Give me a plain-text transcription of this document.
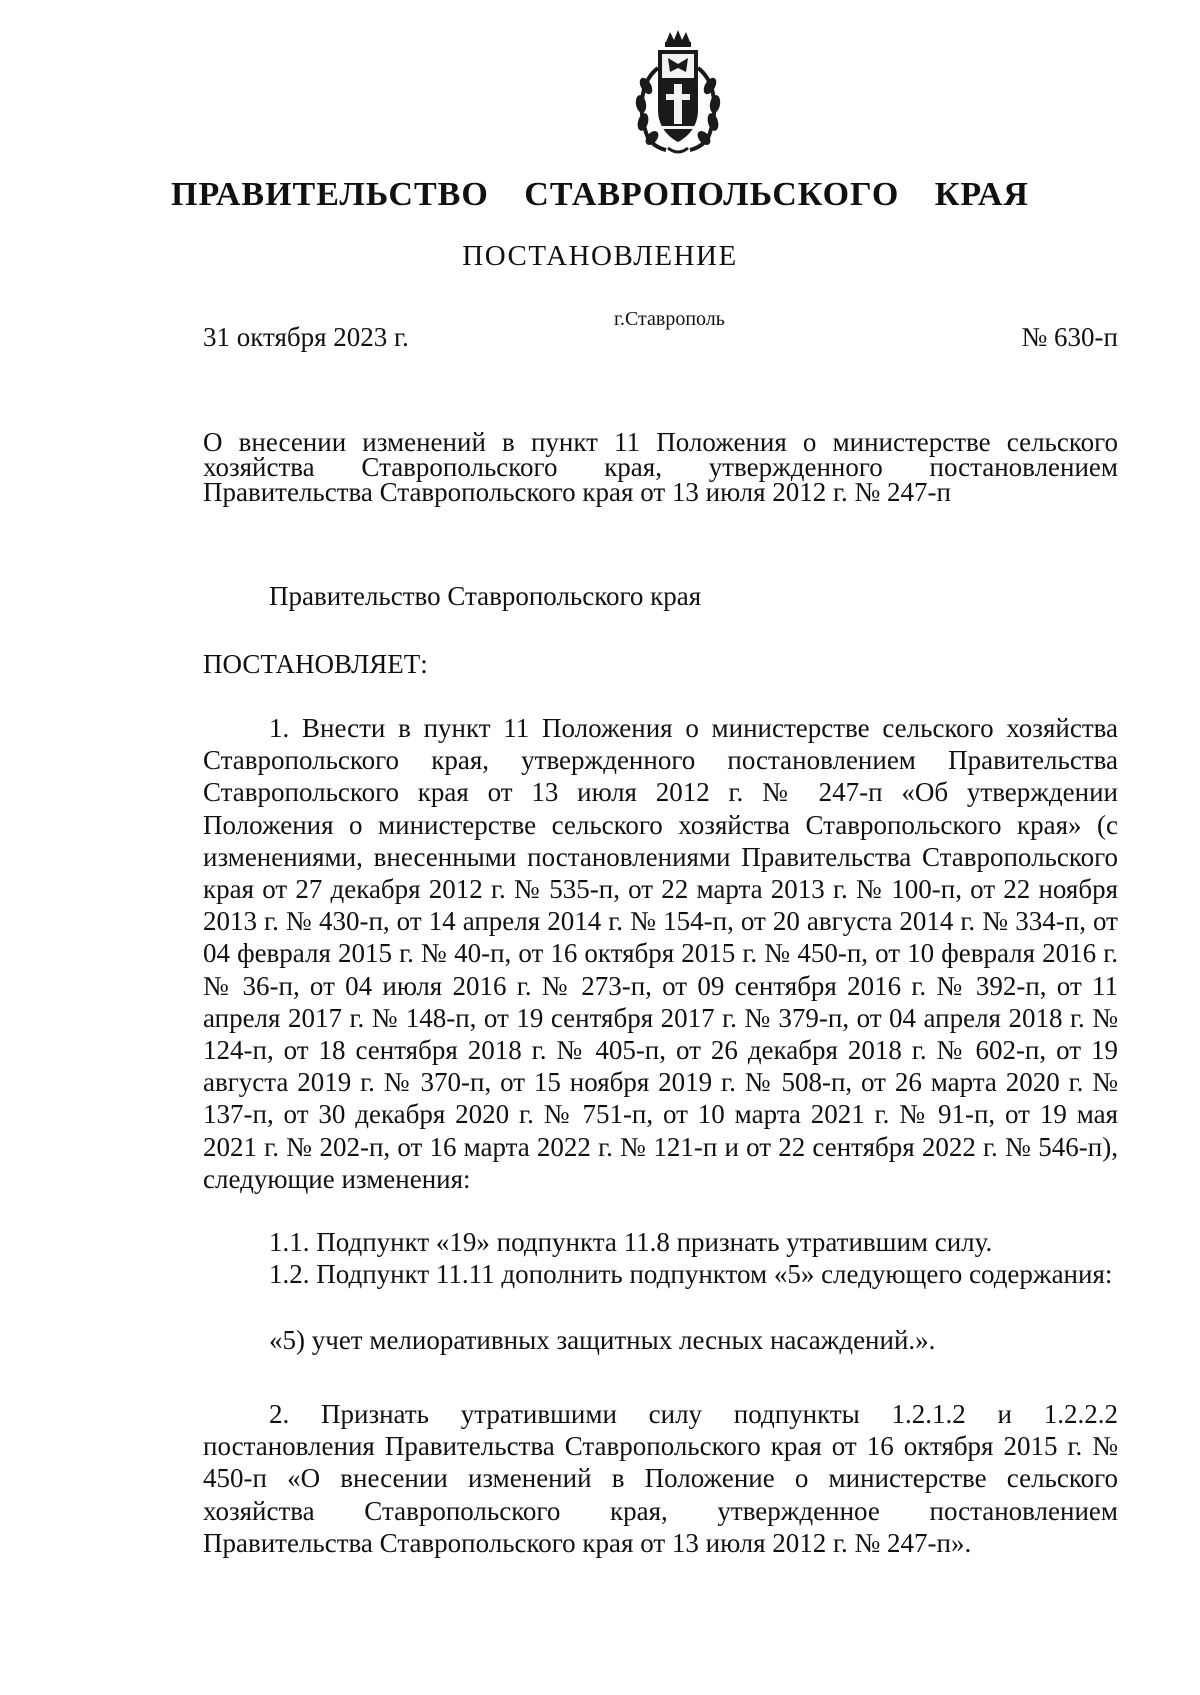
ПРАВИТЕЛЬСТВО СТАВРОПОЛЬСКОГО КРАЯ
ПОСТАНОВЛЕНИЕ
31 октября 2023 г.
г.Ставрополь
№ 630-п

О внесении изменений в пункт 11 Положения о министерстве сельского хозяйства Ставропольского края, утвержденного постановлением Правительства Ставропольского края от 13 июля 2012 г. № 247-п

Правительство Ставропольского края

ПОСТАНОВЛЯЕТ:

1. Внести в пункт 11 Положения о министерстве сельского хозяйства Ставропольского края, утвержденного постановлением Правительства Ставропольского края от 13 июля 2012 г. № 247-п «Об утверждении Положения о министерстве сельского хозяйства Ставропольского края» (с изменениями, внесенными постановлениями Правительства Ставропольского края от 27 декабря 2012 г. № 535-п, от 22 марта 2013 г. № 100-п, от 22 ноября 2013 г. № 430-п, от 14 апреля 2014 г. № 154-п, от 20 августа 2014 г. № 334-п, от 04 февраля 2015 г. № 40-п, от 16 октября 2015 г. № 450-п, от 10 февраля 2016 г. № 36-п, от 04 июля 2016 г. № 273-п, от 09 сентября 2016 г. № 392-п, от 11 апреля 2017 г. № 148-п, от 19 сентября 2017 г. № 379-п, от 04 апреля 2018 г. № 124-п, от 18 сентября 2018 г. № 405-п, от 26 декабря 2018 г. № 602-п, от 19 августа 2019 г. № 370-п, от 15 ноября 2019 г. № 508-п, от 26 марта 2020 г. № 137-п, от 30 декабря 2020 г. № 751-п, от 10 марта 2021 г. № 91-п, от 19 мая 2021 г. № 202-п, от 16 марта 2022 г. № 121-п и от 22 сентября 2022 г. № 546-п), следующие изменения:

1.1. Подпункт «19» подпункта 11.8 признать утратившим силу.

1.2. Подпункт 11.11 дополнить подпунктом «5» следующего содержания:

«5) учет мелиоративных защитных лесных насаждений.».

2. Признать утратившими силу подпункты 1.2.1.2 и 1.2.2.2 постановления Правительства Ставропольского края от 16 октября 2015 г. № 450-п «О внесении изменений в Положение о министерстве сельского хозяйства Ставропольского края, утвержденное постановлением Правительства Ставропольского края от 13 июля 2012 г. № 247-п».
